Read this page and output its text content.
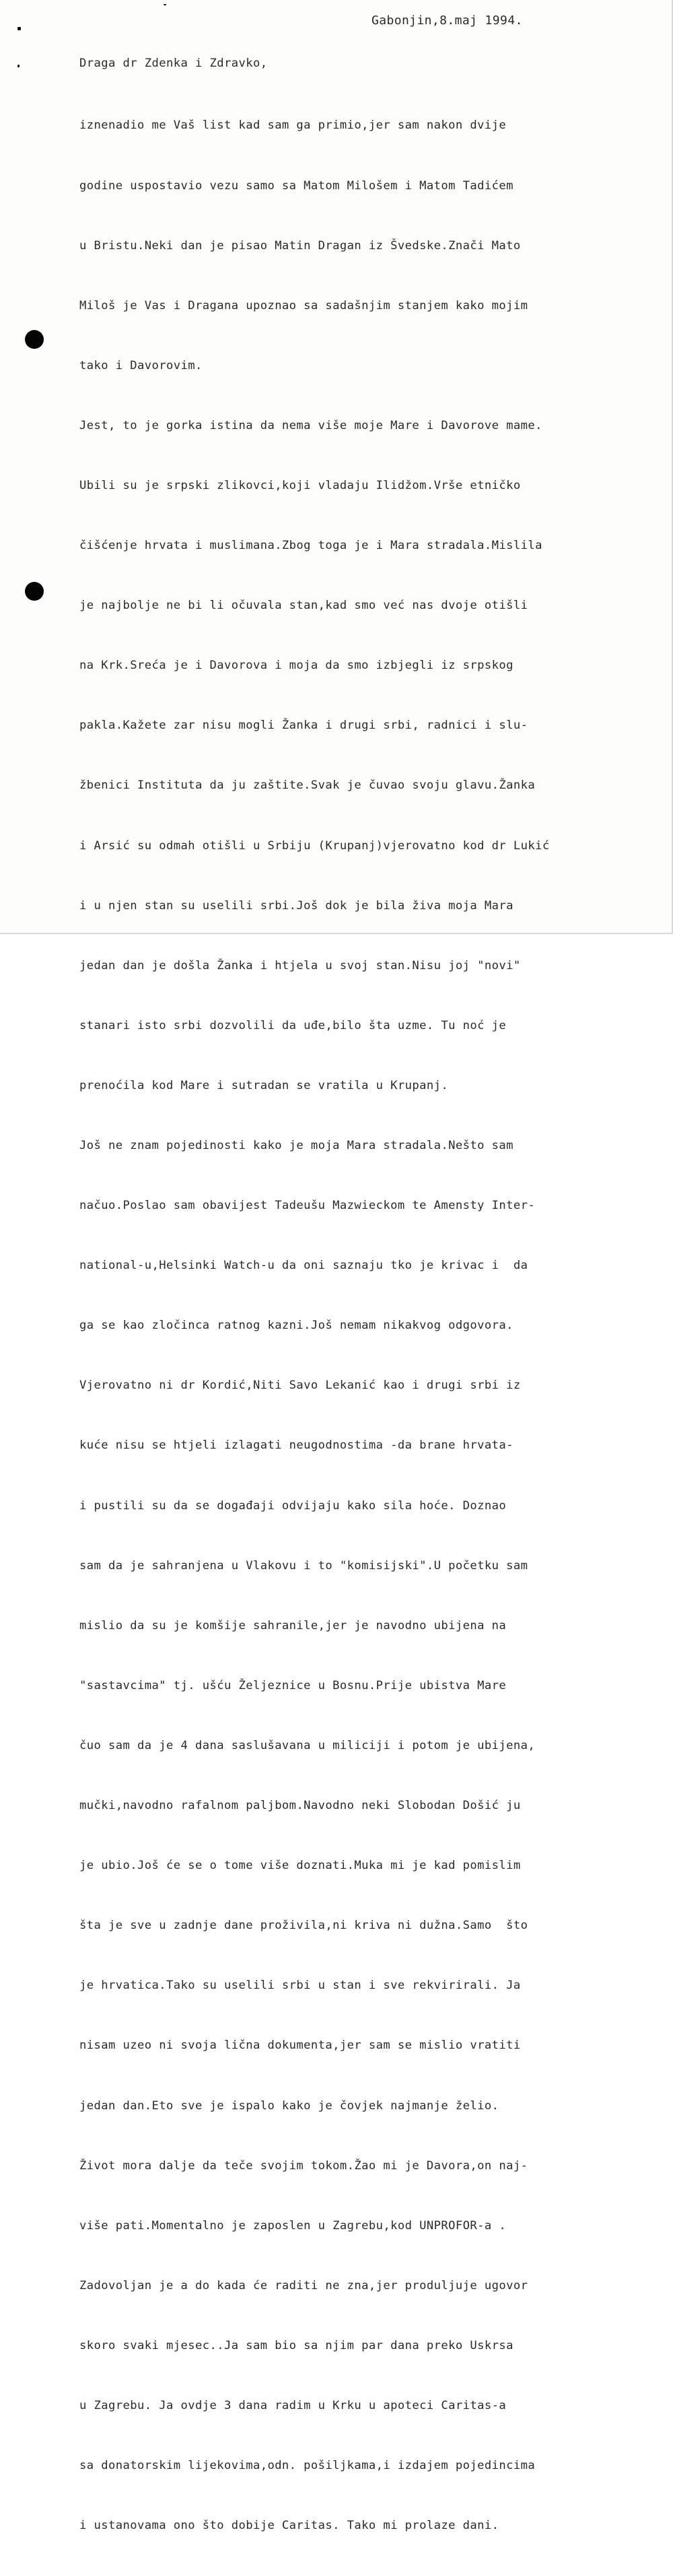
Gabonjin,8.maj 1994.
Draga dr Zdenka i Zdravko,

iznenadio me Vaš list kad sam ga primio,jer sam nakon dvije

godine uspostavio vezu samo sa Matom Milošem i Matom Tadićem

u Bristu.Neki dan je pisao Matin Dragan iz Švedske.Znači Mato

Miloš je Vas i Dragana upoznao sa sadašnjim stanjem kako mojim

tako i Davorovim.

Jest, to je gorka istina da nema više moje Mare i Davorove mame.

Ubili su je srpski zlikovci,koji vladaju Ilidžom.Vrše etničko

čišćenje hrvata i muslimana.Zbog toga je i Mara stradala.Mislila

je najbolje ne bi li očuvala stan,kad smo već nas dvoje otišli

na Krk.Sreća je i Davorova i moja da smo izbjegli iz srpskog

pakla.Kažete zar nisu mogli Žanka i drugi srbi, radnici i slu-

žbenici Instituta da ju zaštite.Svak je čuvao svoju glavu.Žanka

i Arsić su odmah otišli u Srbiju (Krupanj)vjerovatno kod dr Lukić

i u njen stan su uselili srbi.Još dok je bila živa moja Mara

jedan dan je došla Žanka i htjela u svoj stan.Nisu joj "novi"

stanari isto srbi dozvolili da uđe,bilo šta uzme. Tu noć je

prenoćila kod Mare i sutradan se vratila u Krupanj.

Još ne znam pojedinosti kako je moja Mara stradala.Nešto sam

načuo.Poslao sam obavijest Tadeušu Mazwieckom te Amensty Inter-

national-u,Helsinki Watch-u da oni saznaju tko je krivac i  da

ga se kao zločinca ratnog kazni.Još nemam nikakvog odgovora.

Vjerovatno ni dr Kordić,Niti Savo Lekanić kao i drugi srbi iz

kuće nisu se htjeli izlagati neugodnostima -da brane hrvata-

i pustili su da se događaji odvijaju kako sila hoće. Doznao

sam da je sahranjena u Vlakovu i to "komisijski".U početku sam

mislio da su je komšije sahranile,jer je navodno ubijena na

"sastavcima" tj. ušću Željeznice u Bosnu.Prije ubistva Mare

čuo sam da je 4 dana saslušavana u miliciji i potom je ubijena,

mučki,navodno rafalnom paljbom.Navodno neki Slobodan Došić ju

je ubio.Još će se o tome više doznati.Muka mi je kad pomislim

šta je sve u zadnje dane proživila,ni kriva ni dužna.Samo  što

je hrvatica.Tako su uselili srbi u stan i sve rekvirirali. Ja

nisam uzeo ni svoja lična dokumenta,jer sam se mislio vratiti

jedan dan.Eto sve je ispalo kako je čovjek najmanje želio.

Život mora dalje da teče svojim tokom.Žao mi je Davora,on naj-

više pati.Momentalno je zaposlen u Zagrebu,kod UNPROFOR-a .

Zadovoljan je a do kada će raditi ne zna,jer produljuje ugovor

skoro svaki mjesec..Ja sam bio sa njim par dana preko Uskrsa

u Zagrebu. Ja ovdje 3 dana radim u Krku u apoteci Caritas-a

sa donatorskim lijekovima,odn. pošiljkama,i izdajem pojedincima

i ustanovama ono što dobije Caritas. Tako mi prolaze dani.
